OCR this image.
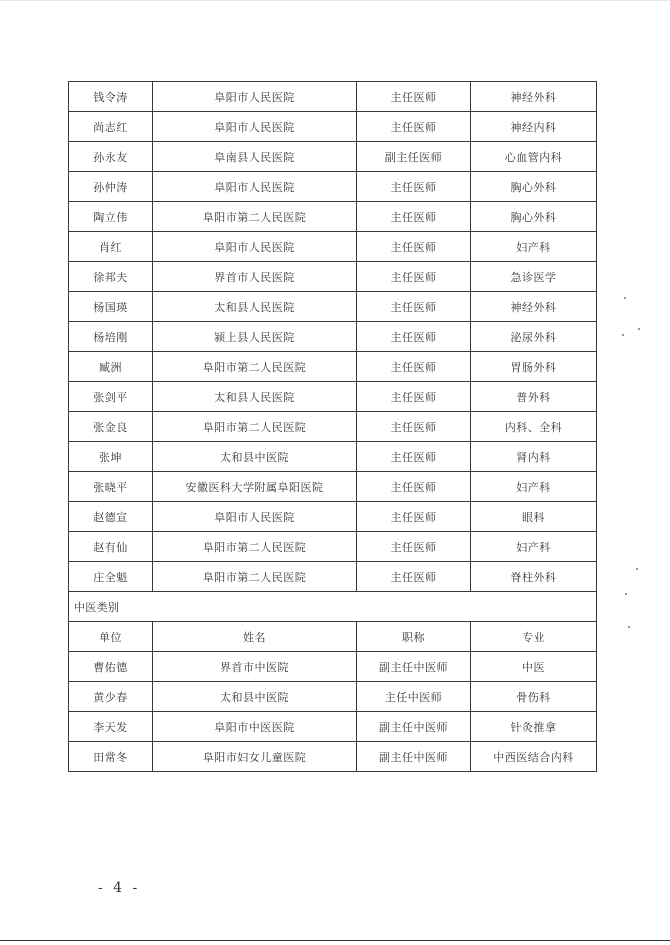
钱令涛	阜阳市人民医院	主任医师	神经外科
尚志红	阜阳市人民医院	主任医师	神经内科
孙永友	阜南县人民医院	副主任医师	心血管内科
孙仲涛	阜阳市人民医院	主任医师	胸心外科
陶立伟	阜阳市第二人民医院	主任医师	胸心外科
肖红	阜阳市人民医院	主任医师	妇产科
徐邦夫	界首市人民医院	主任医师	急诊医学
杨国瑛	太和县人民医院	主任医师	神经外科
杨培刚	颍上县人民医院	主任医师	泌尿外科
臧洲	阜阳市第二人民医院	主任医师	胃肠外科
张剑平	太和县人民医院	主任医师	普外科
张金良	阜阳市第二人民医院	主任医师	内科、全科
张坤	太和县中医院	主任医师	肾内科
张晓平	安徽医科大学附属阜阳医院	主任医师	妇产科
赵德宣	阜阳市人民医院	主任医师	眼科
赵有仙	阜阳市第二人民医院	主任医师	妇产科
庄全魁	阜阳市第二人民医院	主任医师	脊柱外科
中医类别			
单位	姓名	职称	专业
曹佑德	界首市中医院	副主任中医师	中医
黄少春	太和县中医院	主任中医师	骨伤科
李天发	阜阳市中医医院	副主任中医师	针灸推拿
田常冬	阜阳市妇女儿童医院	副主任中医师	中西医结合内科
- 4 -
